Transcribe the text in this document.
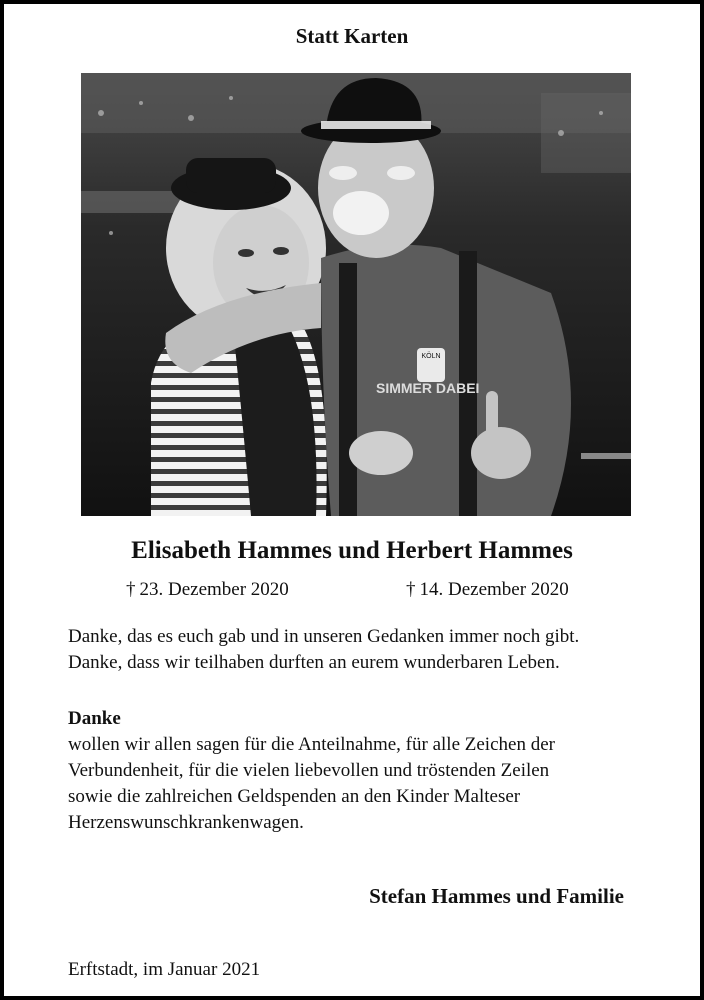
Statt Karten
KÖLN
SIMMER DABEI
Elisabeth Hammes und Herbert Hammes
† 23. Dezember 2020	† 14. Dezember 2020
Danke, das es euch gab und in unseren Gedanken immer noch gibt.
Danke, dass wir teilhaben durften an eurem wunderbaren Leben.
Danke
wollen wir allen sagen für die Anteilnahme, für alle Zeichen der
Verbundenheit, für die vielen liebevollen und tröstenden Zeilen
sowie die zahlreichen Geldspenden an den Kinder Malteser
Herzenswunschkrankenwagen.
Stefan Hammes und Familie
Erftstadt, im Januar 2021
